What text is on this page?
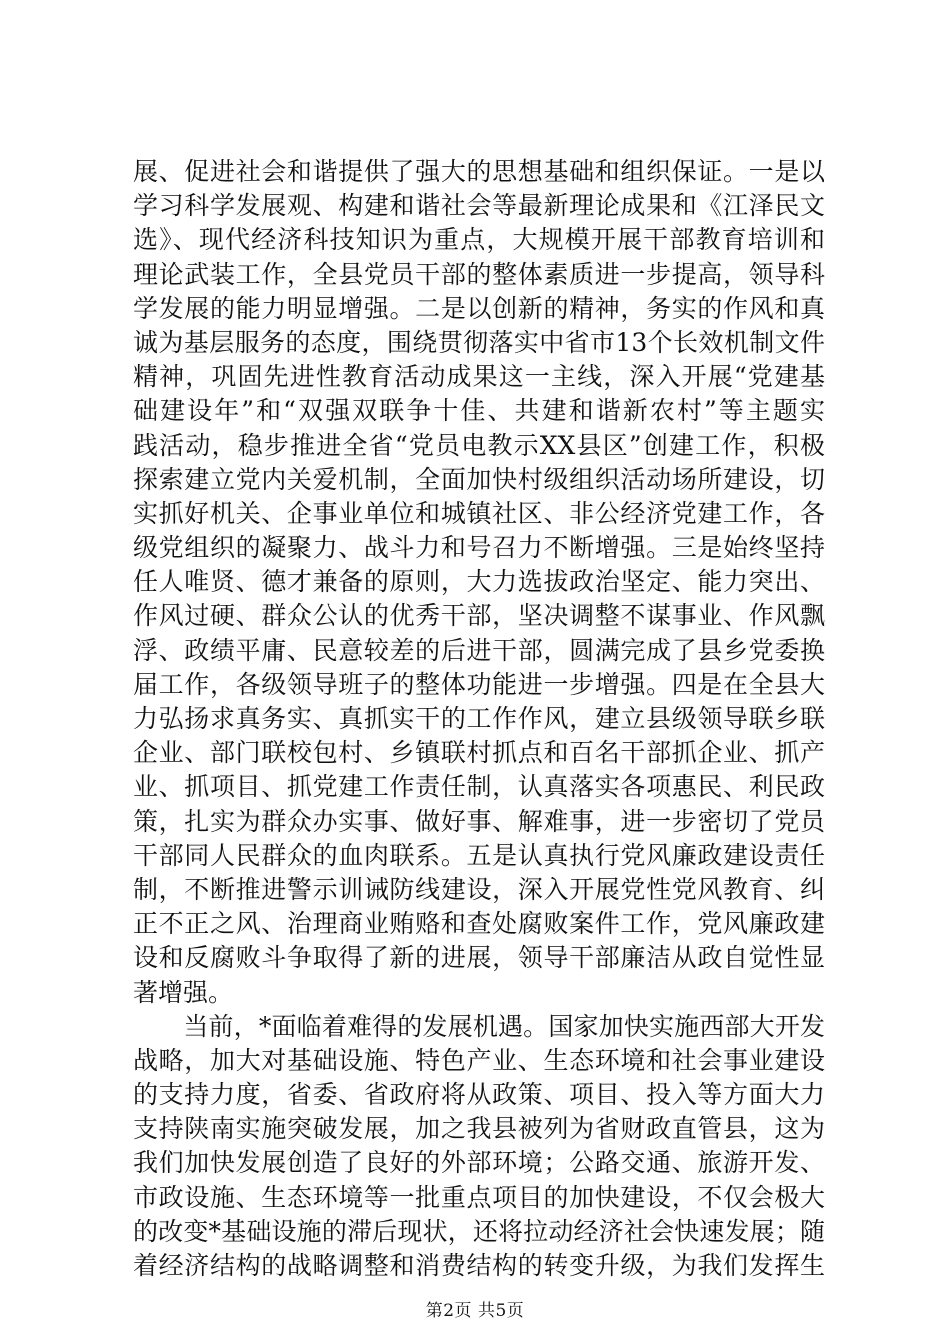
展、促进社会和谐提供了强大的思想基础和组织保证。一是以
学习科学发展观、构建和谐社会等最新理论成果和《江泽民文
选》、现代经济科技知识为重点，大规模开展干部教育培训和
理论武装工作，全县党员干部的整体素质进一步提高，领导科
学发展的能力明显增强。二是以创新的精神，务实的作风和真
诚为基层服务的态度，围绕贯彻落实中省市13个长效机制文件
精神，巩固先进性教育活动成果这一主线，深入开展“党建基
础建设年”和“双强双联争十佳、共建和谐新农村”等主题实
践活动，稳步推进全省“党员电教示XX县区”创建工作，积极
探索建立党内关爱机制，全面加快村级组织活动场所建设，切
实抓好机关、企事业单位和城镇社区、非公经济党建工作，各
级党组织的凝聚力、战斗力和号召力不断增强。三是始终坚持
任人唯贤、德才兼备的原则，大力选拔政治坚定、能力突出、
作风过硬、群众公认的优秀干部，坚决调整不谋事业、作风飘
浮、政绩平庸、民意较差的后进干部，圆满完成了县乡党委换
届工作，各级领导班子的整体功能进一步增强。四是在全县大
力弘扬求真务实、真抓实干的工作作风，建立县级领导联乡联
企业、部门联校包村、乡镇联村抓点和百名干部抓企业、抓产
业、抓项目、抓党建工作责任制，认真落实各项惠民、利民政
策，扎实为群众办实事、做好事、解难事，进一步密切了党员
干部同人民群众的血肉联系。五是认真执行党风廉政建设责任
制，不断推进警示训诫防线建设，深入开展党性党风教育、纠
正不正之风、治理商业贿赂和查处腐败案件工作，党风廉政建
设和反腐败斗争取得了新的进展，领导干部廉洁从政自觉性显
著增强。
　　当前，*面临着难得的发展机遇。国家加快实施西部大开发
战略，加大对基础设施、特色产业、生态环境和社会事业建设
的支持力度，省委、省政府将从政策、项目、投入等方面大力
支持陕南实施突破发展，加之我县被列为省财政直管县，这为
我们加快发展创造了良好的外部环境；公路交通、旅游开发、
市政设施、生态环境等一批重点项目的加快建设，不仅会极大
的改变*基础设施的滞后现状，还将拉动经济社会快速发展；随
着经济结构的战略调整和消费结构的转变升级，为我们发挥生
第2页 共5页
